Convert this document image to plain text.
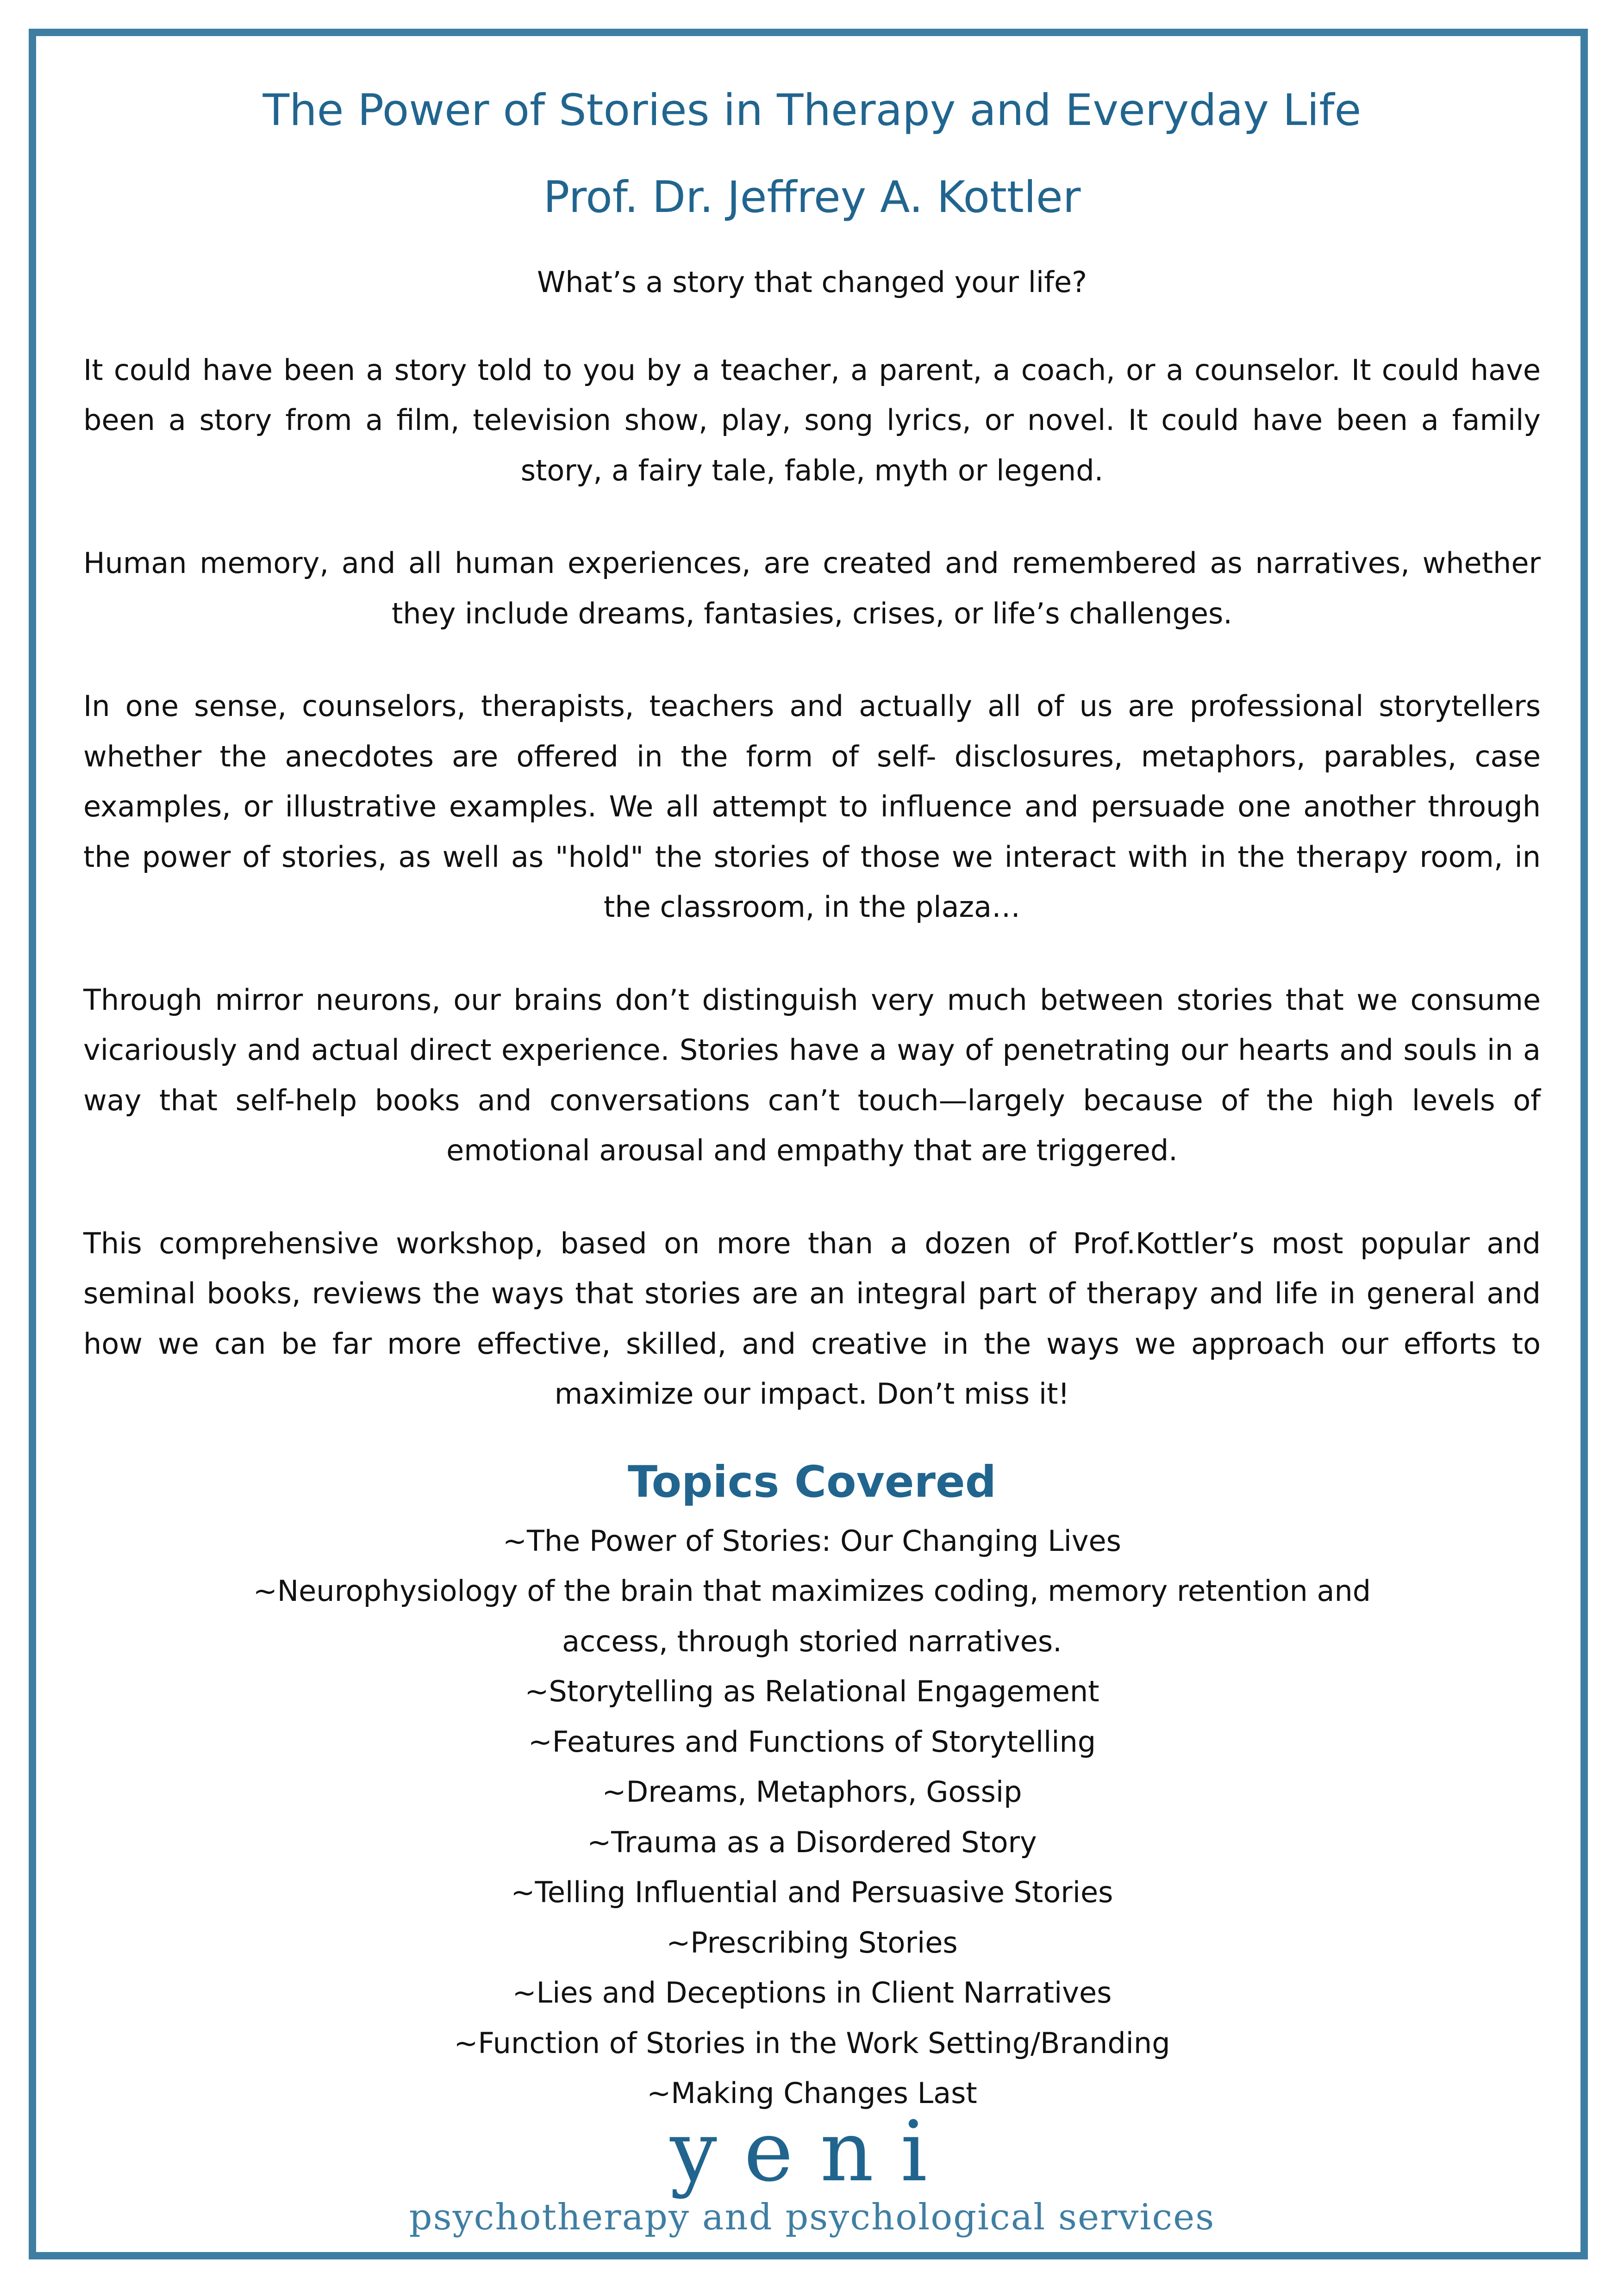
The Power of Stories in Therapy and Everyday Life
Prof. Dr. Jeffrey A. Kottler

What’s a story that changed your life?

It could have been a story told to you by a teacher, a parent, a coach, or a counselor. It could have been a story from a film, television show, play, song lyrics, or novel. It could have been a family story, a fairy tale, fable, myth or legend.

Human memory, and all human experiences, are created and remembered as narratives, whether they include dreams, fantasies, crises, or life’s challenges.

In one sense, counselors, therapists, teachers and actually all of us are professional storytellers whether the anecdotes are offered in the form of self- disclosures, metaphors, parables, case examples, or illustrative examples. We all attempt to influence and persuade one another through the power of stories, as well as "hold" the stories of those we interact with in the therapy room, in the classroom, in the plaza…

Through mirror neurons, our brains don’t distinguish very much between stories that we consume vicariously and actual direct experience. Stories have a way of penetrating our hearts and souls in a way that self-help books and conversations can’t touch—largely because of the high levels of emotional arousal and empathy that are triggered.

This comprehensive workshop, based on more than a dozen of Prof.Kottler’s most popular and seminal books, reviews the ways that stories are an integral part of therapy and life in general and how we can be far more effective, skilled, and creative in the ways we approach our efforts to maximize our impact. Don’t miss it!

Topics Covered
~The Power of Stories: Our Changing Lives
~Neurophysiology of the brain that maximizes coding, memory retention and access, through storied narratives.
~Storytelling as Relational Engagement
~Features and Functions of Storytelling
~Dreams, Metaphors, Gossip
~Trauma as a Disordered Story
~Telling Influential and Persuasive Stories
~Prescribing Stories
~Lies and Deceptions in Client Narratives
~Function of Stories in the Work Setting/Branding
~Making Changes Last
yeni
psychotherapy and psychological services
